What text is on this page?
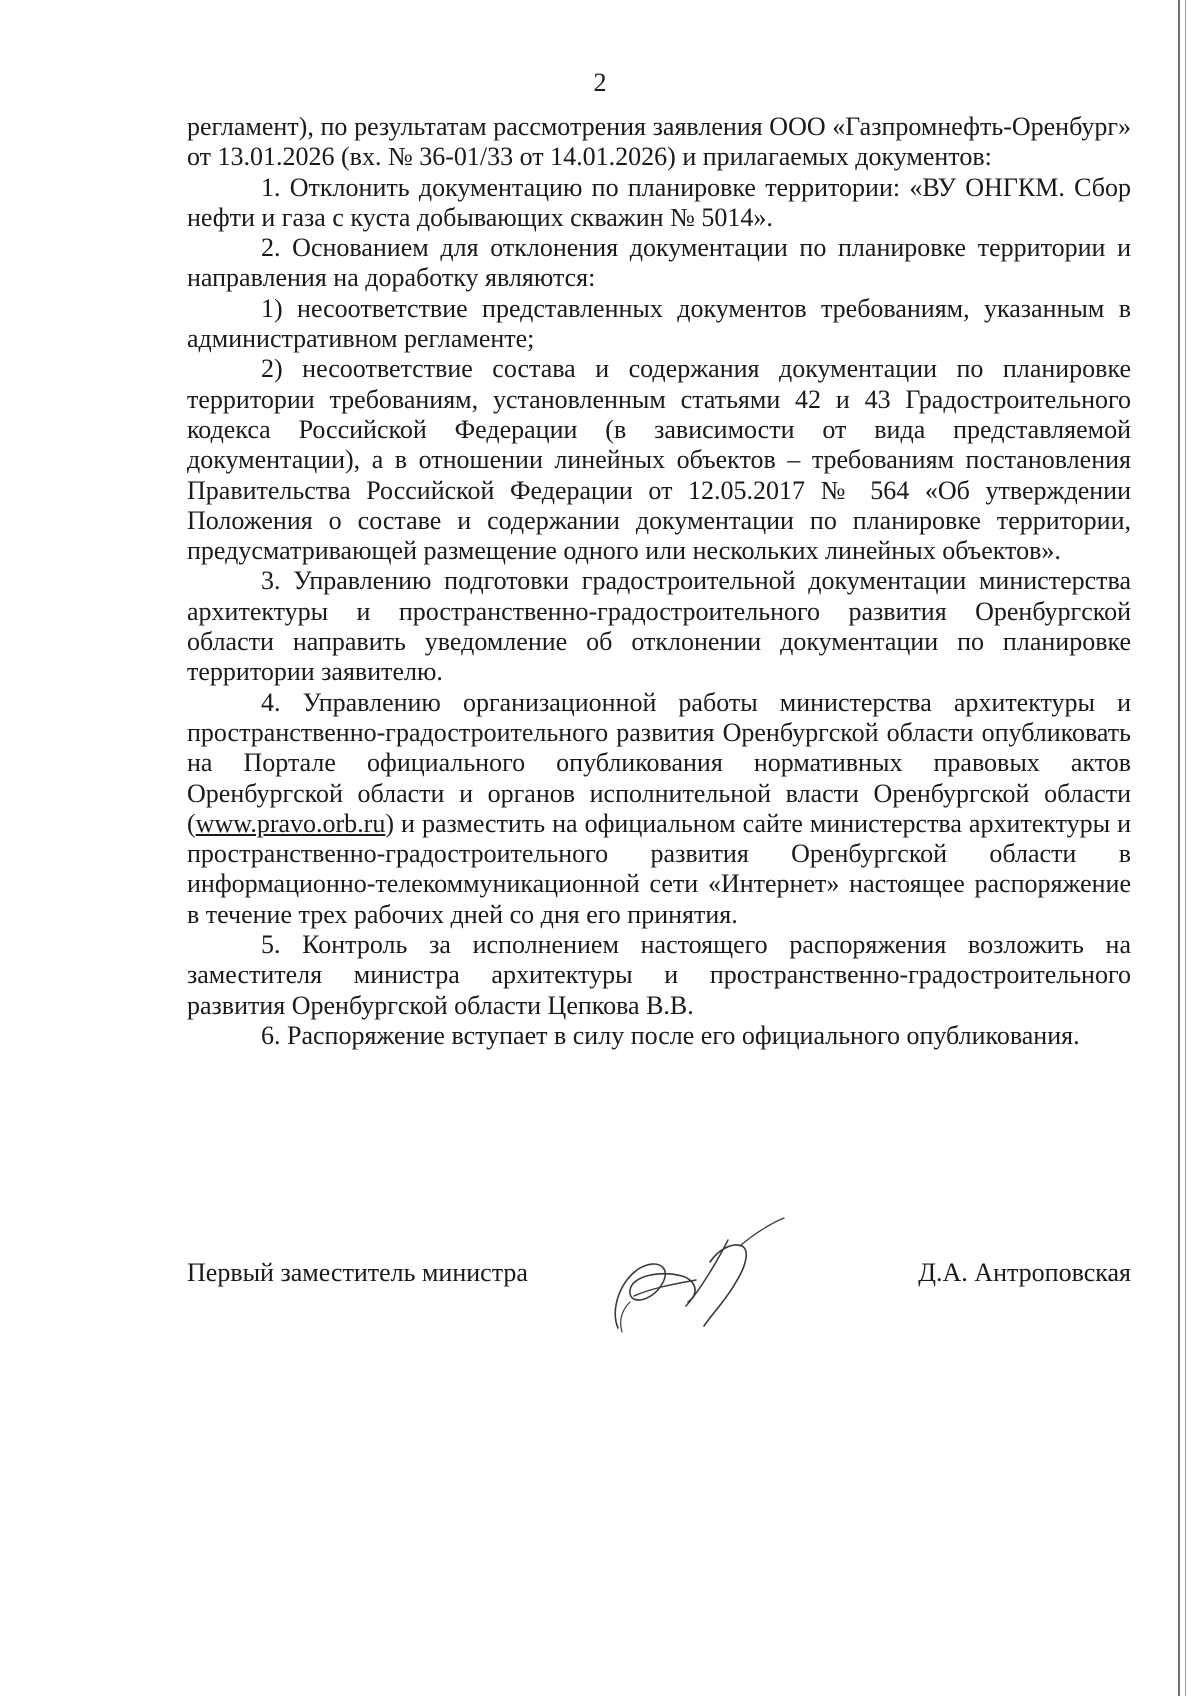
2

регламент), по результатам рассмотрения заявления ООО «Газпромнефть-Оренбург» от 13.01.2026 (вх. № 36-01/33 от 14.01.2026) и прилагаемых документов:

1. Отклонить документацию по планировке территории: «ВУ ОНГКМ. Сбор нефти и газа с куста добывающих скважин № 5014».

2. Основанием для отклонения документации по планировке территории и направления на доработку являются:

1) несоответствие представленных документов требованиям, указанным в административном регламенте;

2) несоответствие состава и содержания документации по планировке территории требованиям, установленным статьями 42 и 43 Градостроительного кодекса Российской Федерации (в зависимости от вида представляемой документации), а в отношении линейных объектов – требованиям постановления Правительства Российской Федерации от 12.05.2017 № 564 «Об утверждении Положения о составе и содержании документации по планировке территории, предусматривающей размещение одного или нескольких линейных объектов».

3. Управлению подготовки градостроительной документации министерства архитектуры и пространственно-градостроительного развития Оренбургской области направить уведомление об отклонении документации по планировке территории заявителю.

4. Управлению организационной работы министерства архитектуры и пространственно-градостроительного развития Оренбургской области опубликовать на Портале официального опубликования нормативных правовых актов Оренбургской области и органов исполнительной власти Оренбургской области (www.pravo.orb.ru) и разместить на официальном сайте министерства архитектуры и пространственно-градостроительного развития Оренбургской области в информационно-телекоммуникационной сети «Интернет» настоящее распоряжение в течение трех рабочих дней со дня его принятия.

5. Контроль за исполнением настоящего распоряжения возложить на заместителя министра архитектуры и пространственно-градостроительного развития Оренбургской области Цепкова В.В.

6. Распоряжение вступает в силу после его официального опубликования.

Первый заместитель министра	Д.А. Антроповская
